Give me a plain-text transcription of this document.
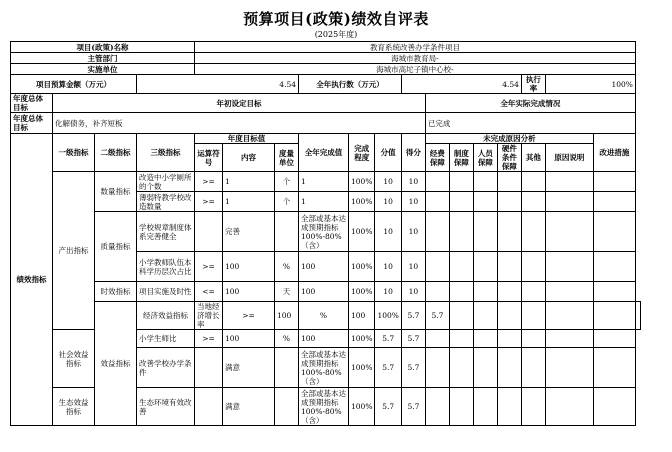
预算项目(政策)绩效自评表
(2025年度)
项目(政策)名称				教育系统改善办学条件项目														
主管部门				海城市教育局-														
实施单位				海城市高坨子镇中心校-														
项目预算金额（万元）			4.54				全年执行数（万元）			4.54					执行率	100%		
年度总体目标	年初设定目标										全年实际完成情况							
年度总体目标	化解债务，补齐短板										已完成							
绩效指标	一级指标	二级指标	三级指标	年度目标值			全年完成值	完成程度	分值	得分	未完成原因分析						改进措施	
				运算符号	内容	度量单位					经费保障	制度保障	人员保障	硬件条件保障	其他	原因说明		

	产出指标	数量指标	改造中小学厕所的个数	>=	1	个	1	100%	10	10								
			薄弱特教学校改造数量	>=	1	个	1	100%	10	10								
		质量指标	学校规章制度体系完善健全		完善		全部或基本达成预期指标100%-80%（含）	100%	10	10								
			小学教师队伍本科学历层次占比	>=	100	%	100	100%	10	10								
		时效指标	项目实施及时性	<=	100	天	100	100%	10	10								
		效益指标	经济效益指标	当地经济增长率	>=	100	%	100	100%	5.7	5.7							
	社会效益指标		小学生师比	>=	100	%	100	100%	5.7	5.7								
			改善学校办学条件		满意		全部或基本达成预期指标100%-80%（含）	100%	5.7	5.7								
	生态效益指标		生态环境有效改善		满意		全部或基本达成预期指标100%-80%（含）	100%	5.7	5.7								
